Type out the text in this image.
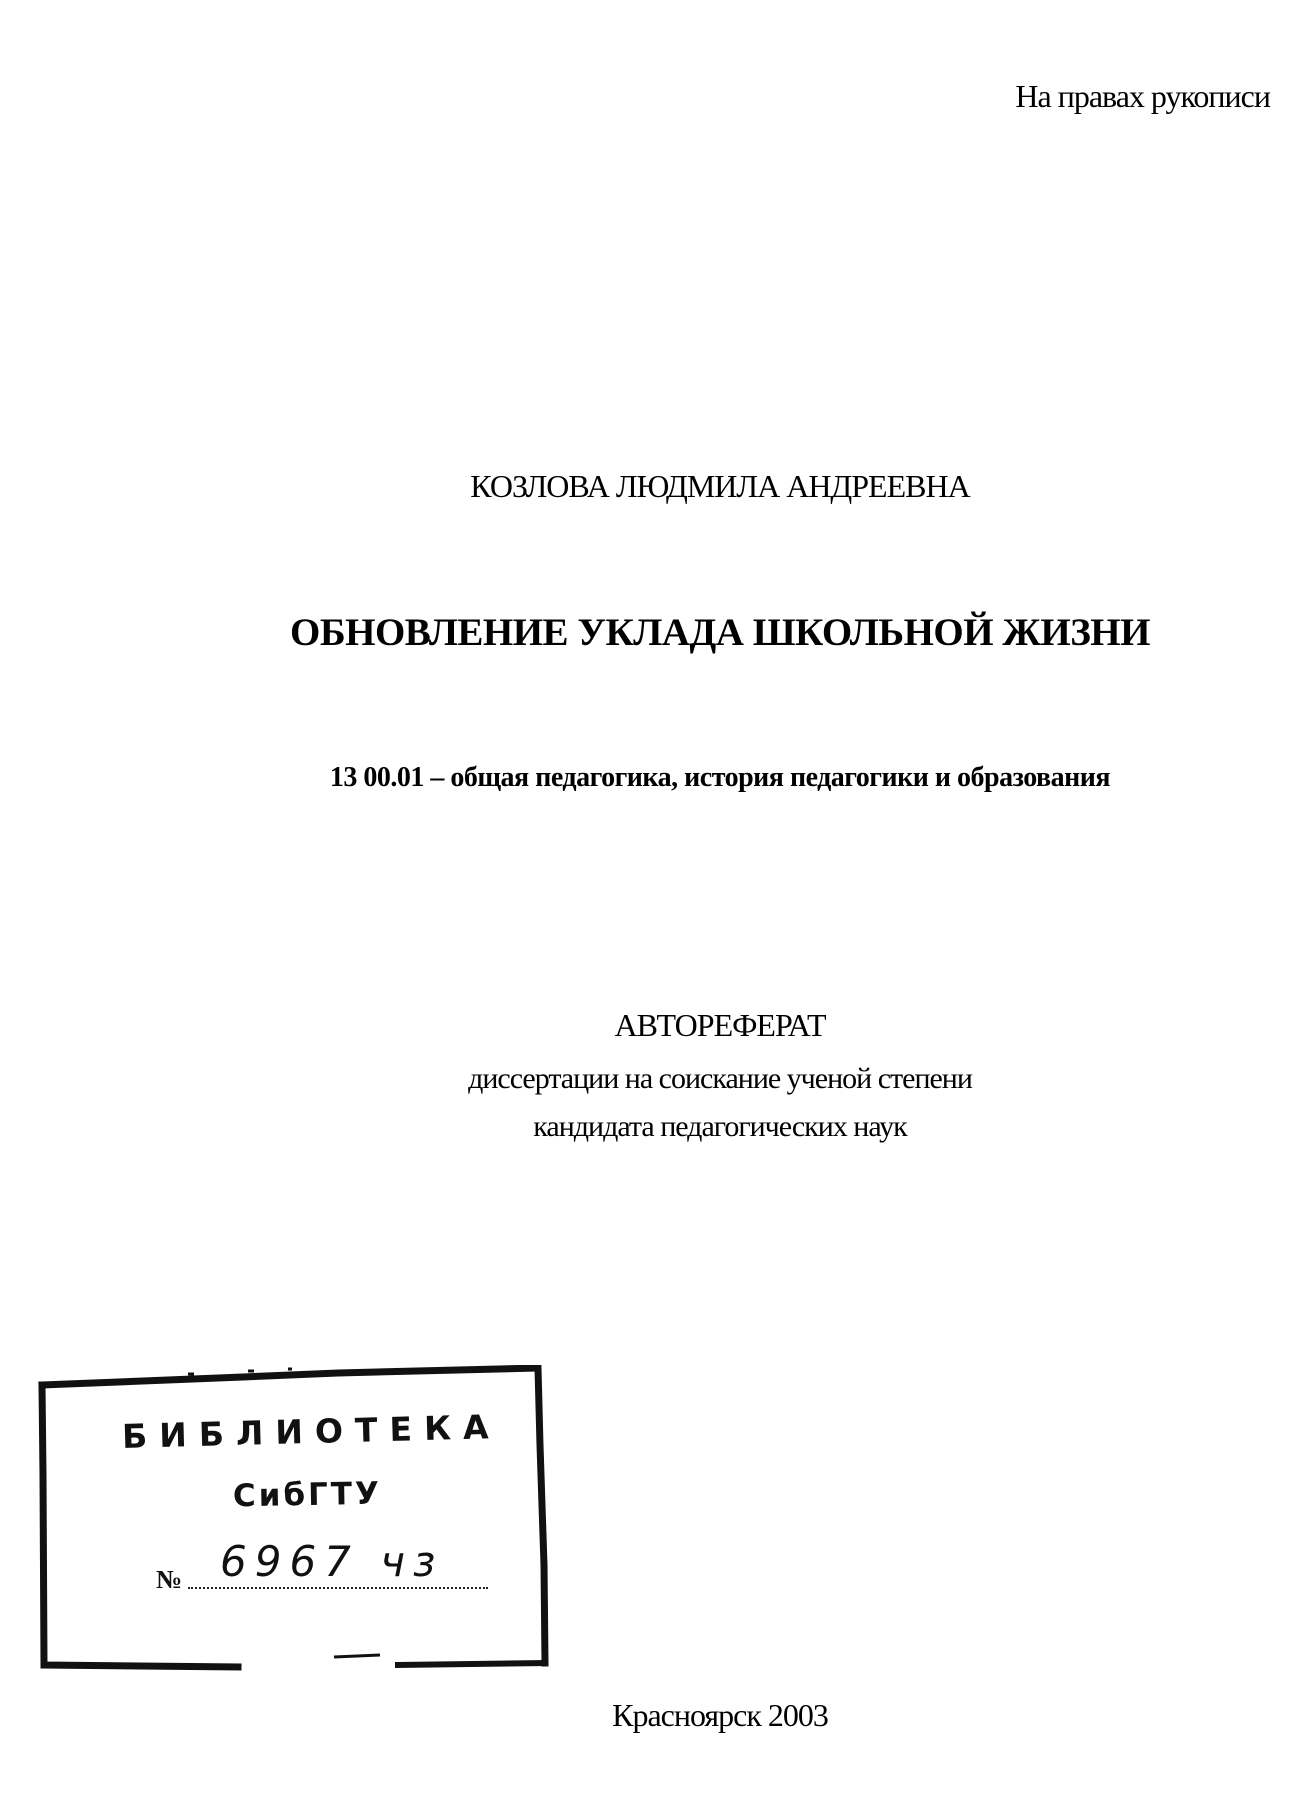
На правах рукописи
КОЗЛОВА ЛЮДМИЛА АНДРЕЕВНА
ОБНОВЛЕНИЕ УКЛАДА ШКОЛЬНОЙ ЖИЗНИ
13 00.01 – общая педагогика, история педагогики и образования
АВТОРЕФЕРАТ
диссертации на соискание ученой степени
кандидата педагогических наук
БИБЛИОТЕКА
СибГТУ
№ 6967 чз
Красноярск 2003
